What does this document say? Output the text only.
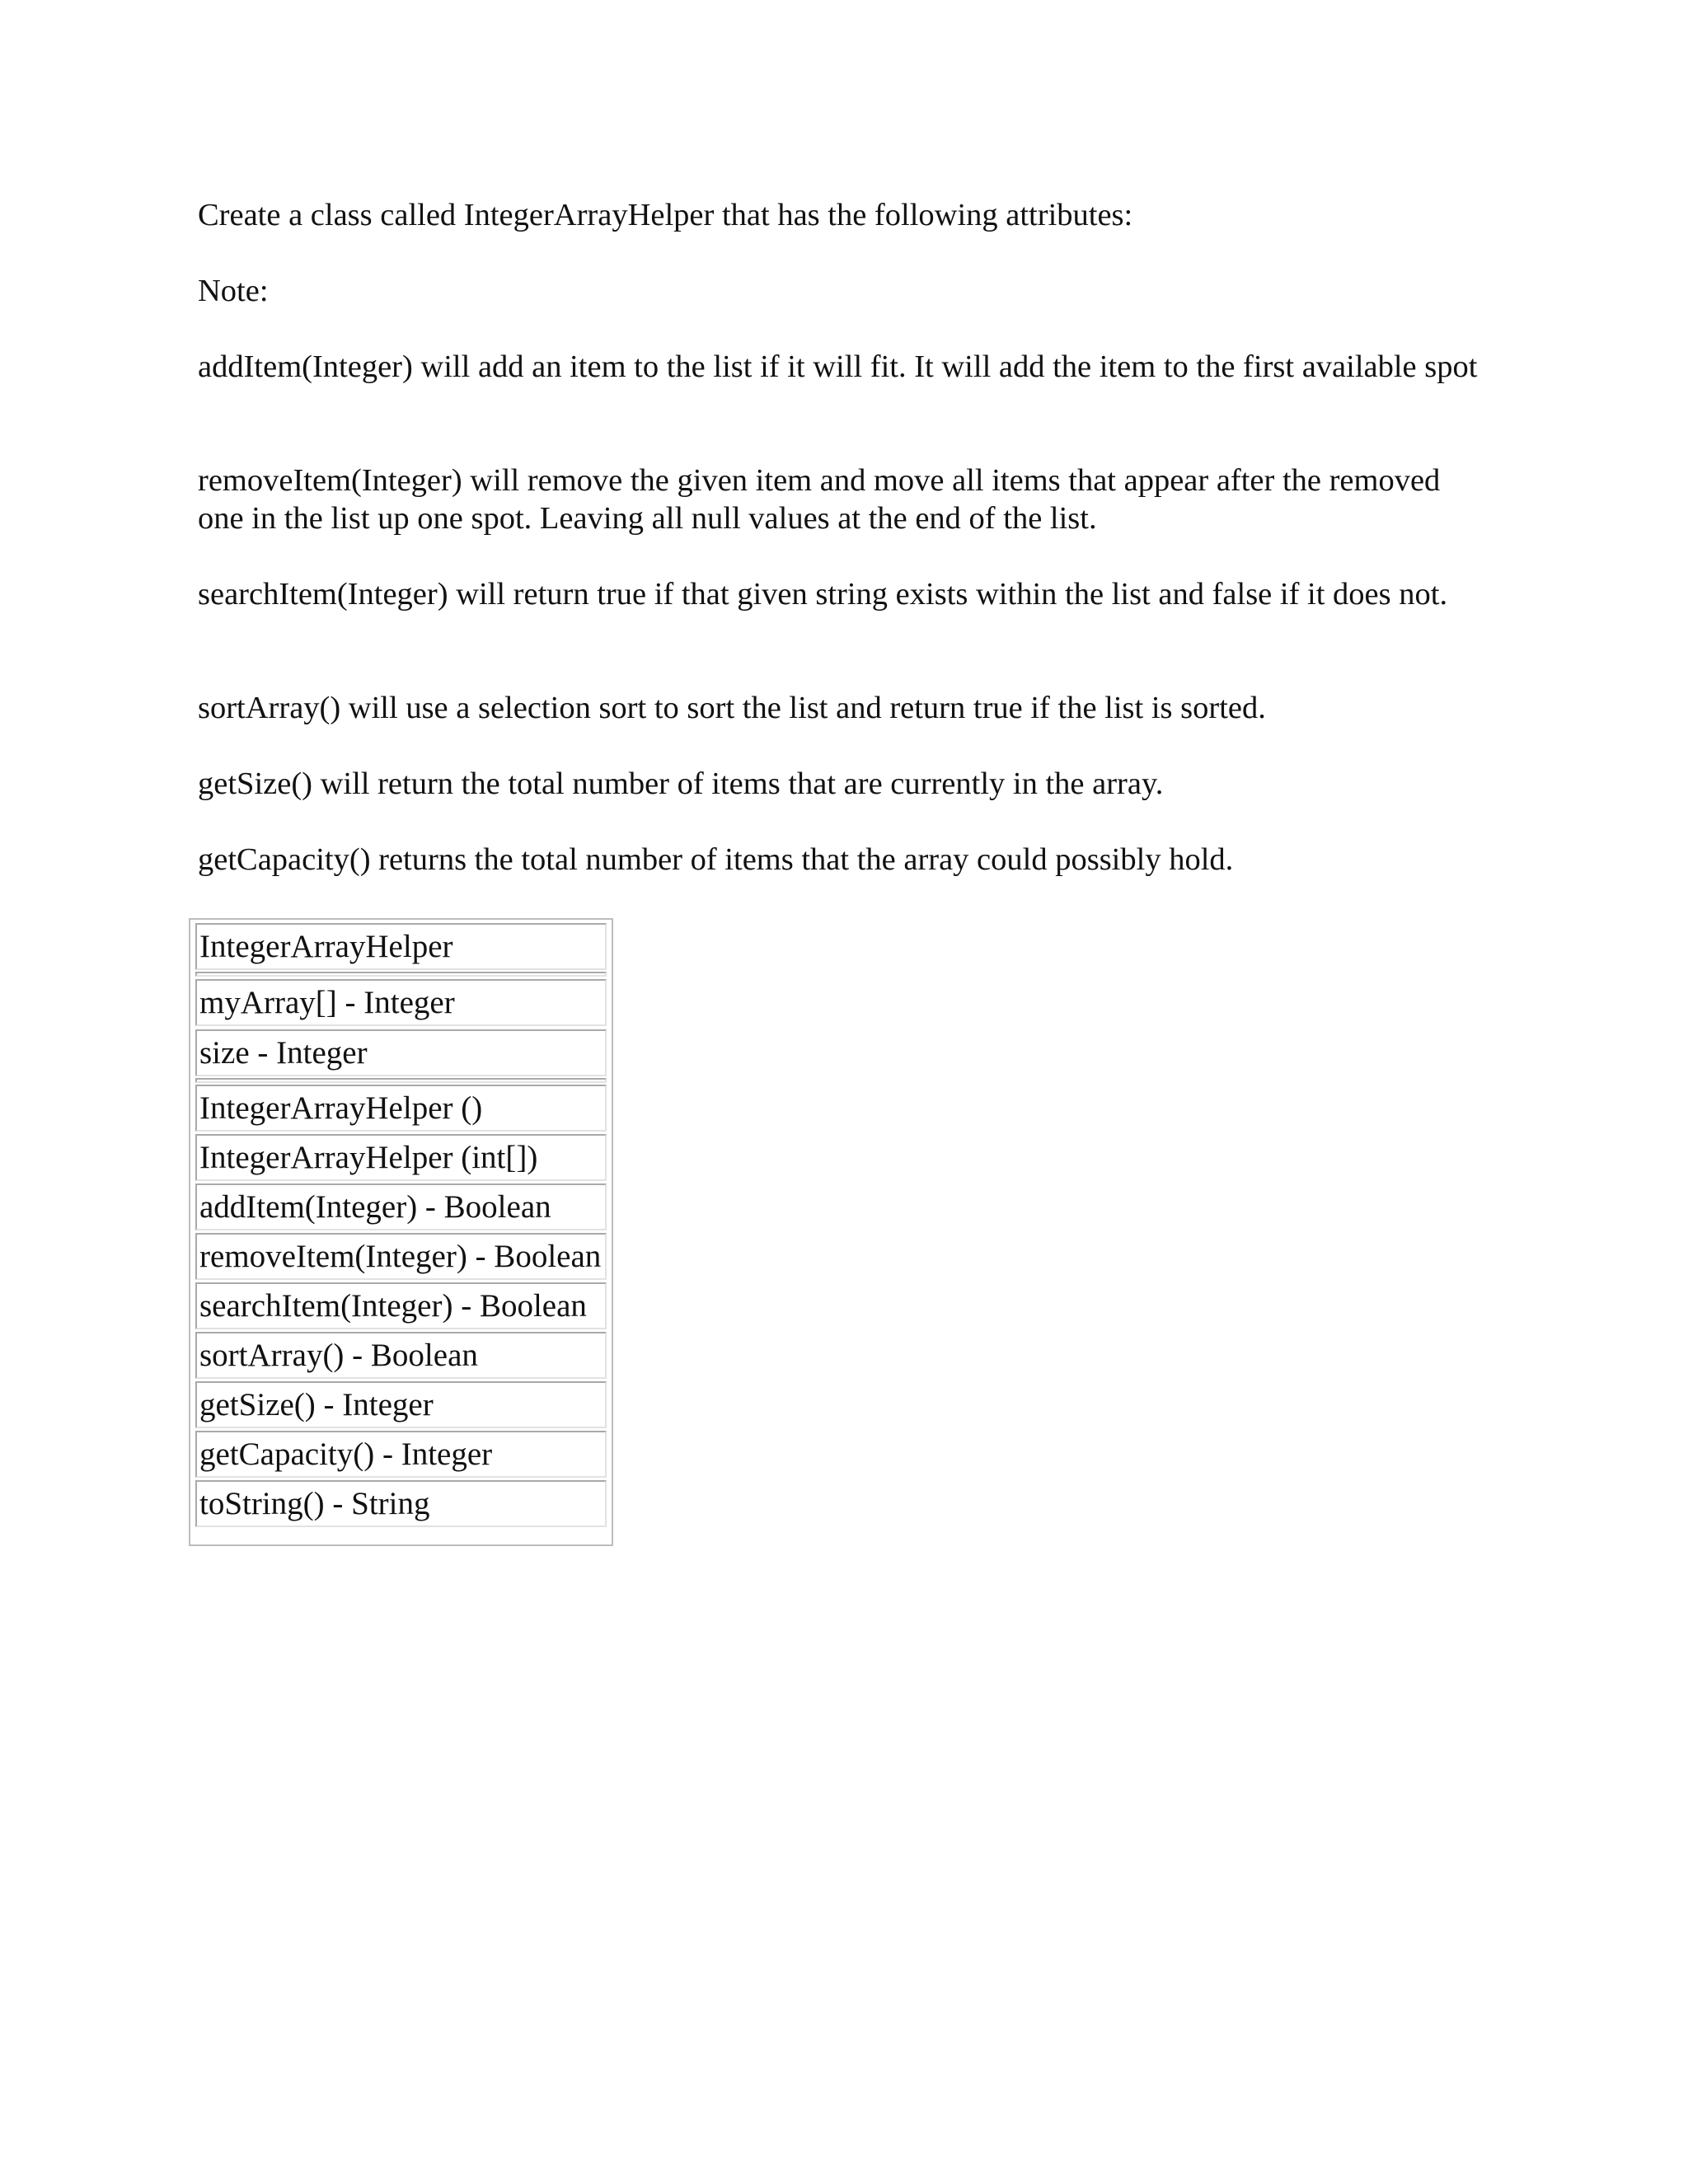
Create a class called IntegerArrayHelper that has the following attributes:

Note:

addItem(Integer) will add an item to the list if it will fit. It will add the item to the first available spot

removeItem(Integer) will remove the given item and move all items that appear after the removed one in the list up one spot. Leaving all null values at the end of the list.

searchItem(Integer) will return true if that given string exists within the list and false if it does not.

sortArray() will use a selection sort to sort the list and return true if the list is sorted.

getSize() will return the total number of items that are currently in the array.

getCapacity() returns the total number of items that the array could possibly hold.

IntegerArrayHelper
myArray[] - Integer
size - Integer
IntegerArrayHelper ()
IntegerArrayHelper (int[])
addItem(Integer) - Boolean
removeItem(Integer) - Boolean
searchItem(Integer) - Boolean
sortArray() - Boolean
getSize() - Integer
getCapacity() - Integer
toString() - String
